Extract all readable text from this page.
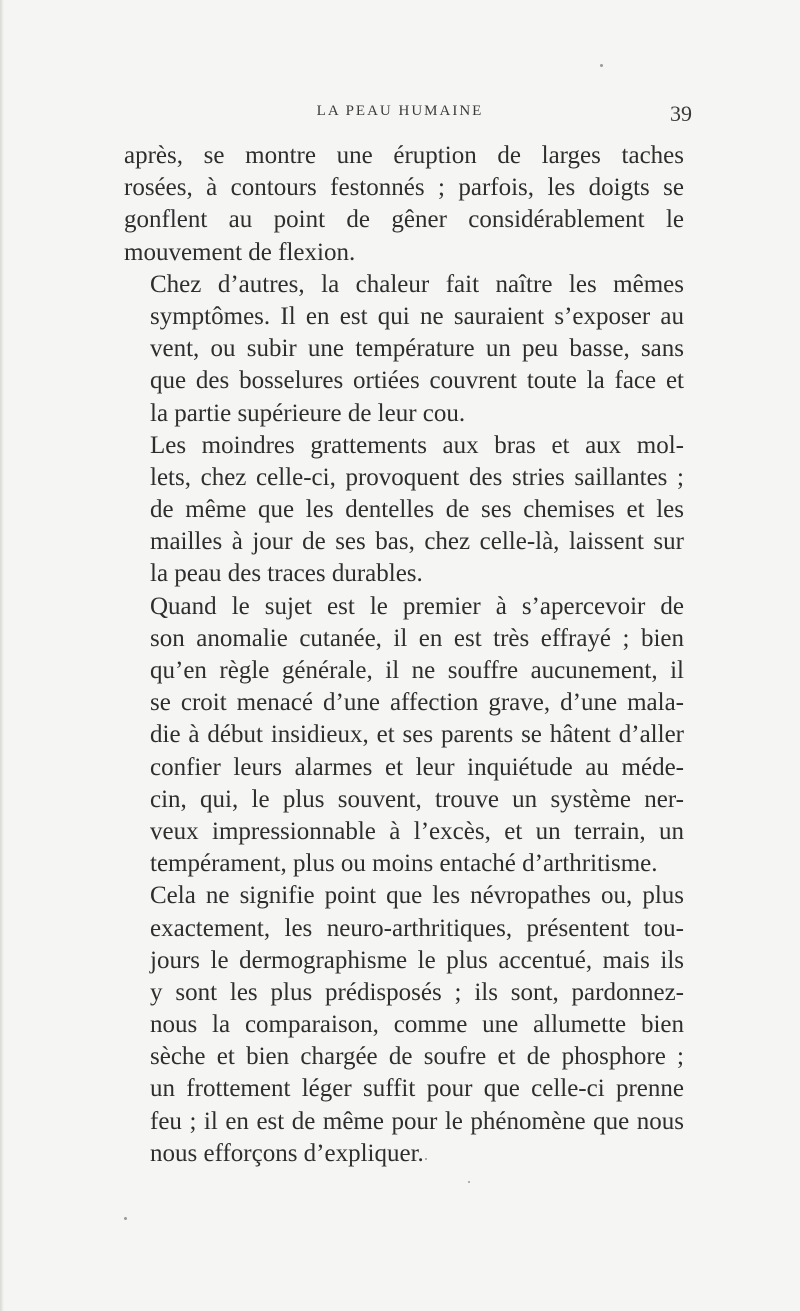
LA PEAU HUMAINE	39

après, se montre une éruption de larges taches
rosées, à contours festonnés ; parfois, les doigts se
gonflent au point de gêner considérablement le
mouvement de flexion.

Chez d’autres, la chaleur fait naître les mêmes
symptômes. Il en est qui ne sauraient s’exposer au
vent, ou subir une température un peu basse, sans
que des bosselures ortiées couvrent toute la face et
la partie supérieure de leur cou.

Les moindres grattements aux bras et aux mol-
lets, chez celle-ci, provoquent des stries saillantes ;
de même que les dentelles de ses chemises et les
mailles à jour de ses bas, chez celle-là, laissent sur
la peau des traces durables.

Quand le sujet est le premier à s’apercevoir de
son anomalie cutanée, il en est très effrayé ; bien
qu’en règle générale, il ne souffre aucunement, il
se croit menacé d’une affection grave, d’une mala-
die à début insidieux, et ses parents se hâtent d’aller
confier leurs alarmes et leur inquiétude au méde-
cin, qui, le plus souvent, trouve un système ner-
veux impressionnable à l’excès, et un terrain, un
tempérament, plus ou moins entaché d’arthritisme.

Cela ne signifie point que les névropathes ou, plus
exactement, les neuro-arthritiques, présentent tou-
jours le dermographisme le plus accentué, mais ils
y sont les plus prédisposés ; ils sont, pardonnez-
nous la comparaison, comme une allumette bien
sèche et bien chargée de soufre et de phosphore ;
un frottement léger suffit pour que celle-ci prenne
feu ; il en est de même pour le phénomène que nous
nous efforçons d’expliquer.
